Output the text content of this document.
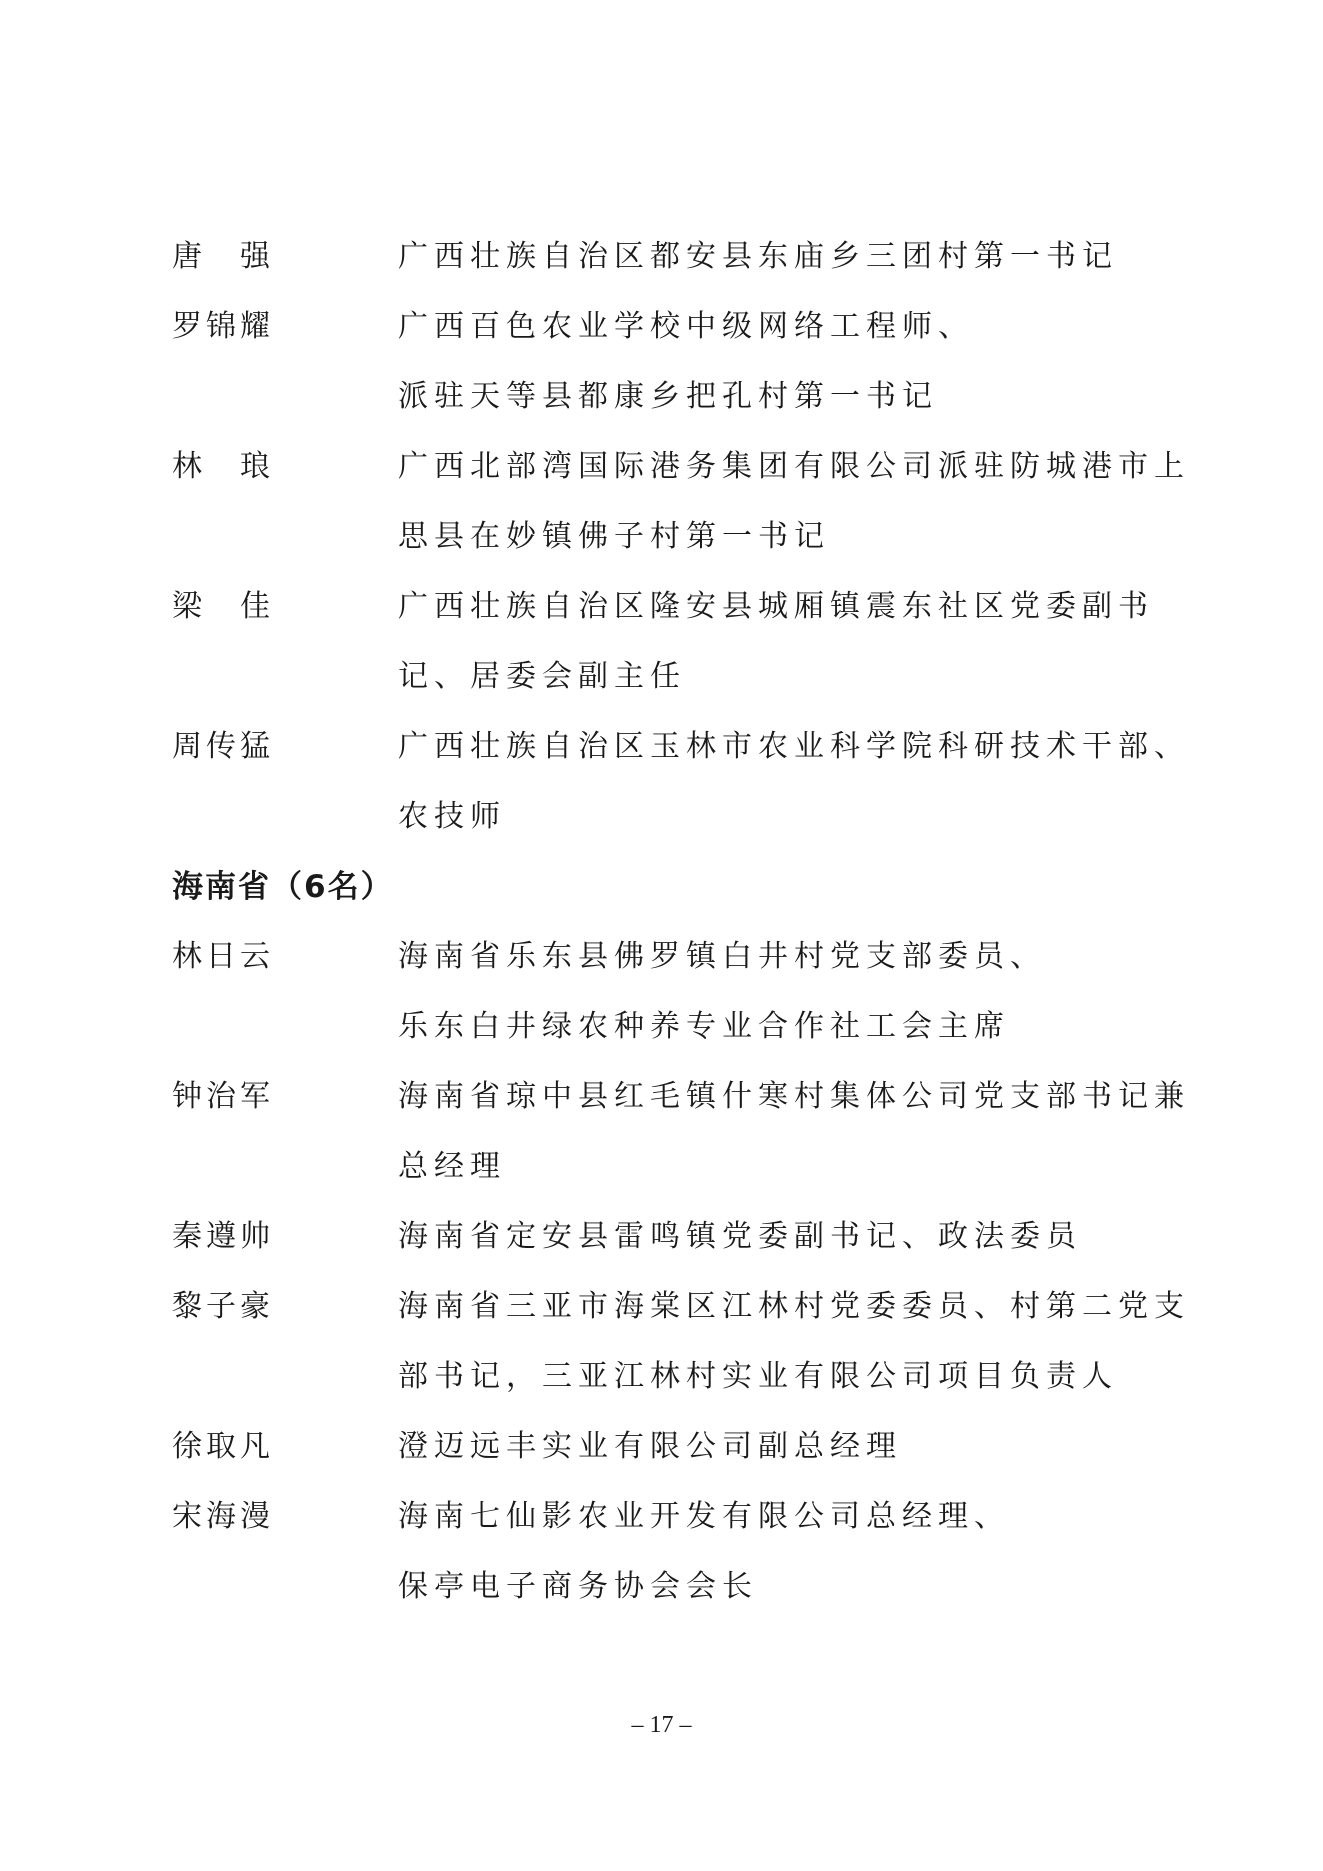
唐　强	广西壮族自治区都安县东庙乡三团村第一书记
罗锦耀	广西百色农业学校中级网络工程师、
派驻天等县都康乡把孔村第一书记
林　琅	广西北部湾国际港务集团有限公司派驻防城港市上
思县在妙镇佛子村第一书记
梁　佳	广西壮族自治区隆安县城厢镇震东社区党委副书
记、居委会副主任
周传猛	广西壮族自治区玉林市农业科学院科研技术干部、
农技师
海南省（6名）
林日云	海南省乐东县佛罗镇白井村党支部委员、
乐东白井绿农种养专业合作社工会主席
钟治军	海南省琼中县红毛镇什寒村集体公司党支部书记兼
总经理
秦遵帅	海南省定安县雷鸣镇党委副书记、政法委员
黎子豪	海南省三亚市海棠区江林村党委委员、村第二党支
部书记，三亚江林村实业有限公司项目负责人
徐取凡	澄迈远丰实业有限公司副总经理
宋海漫	海南七仙影农业开发有限公司总经理、
保亭电子商务协会会长
– 17 –
